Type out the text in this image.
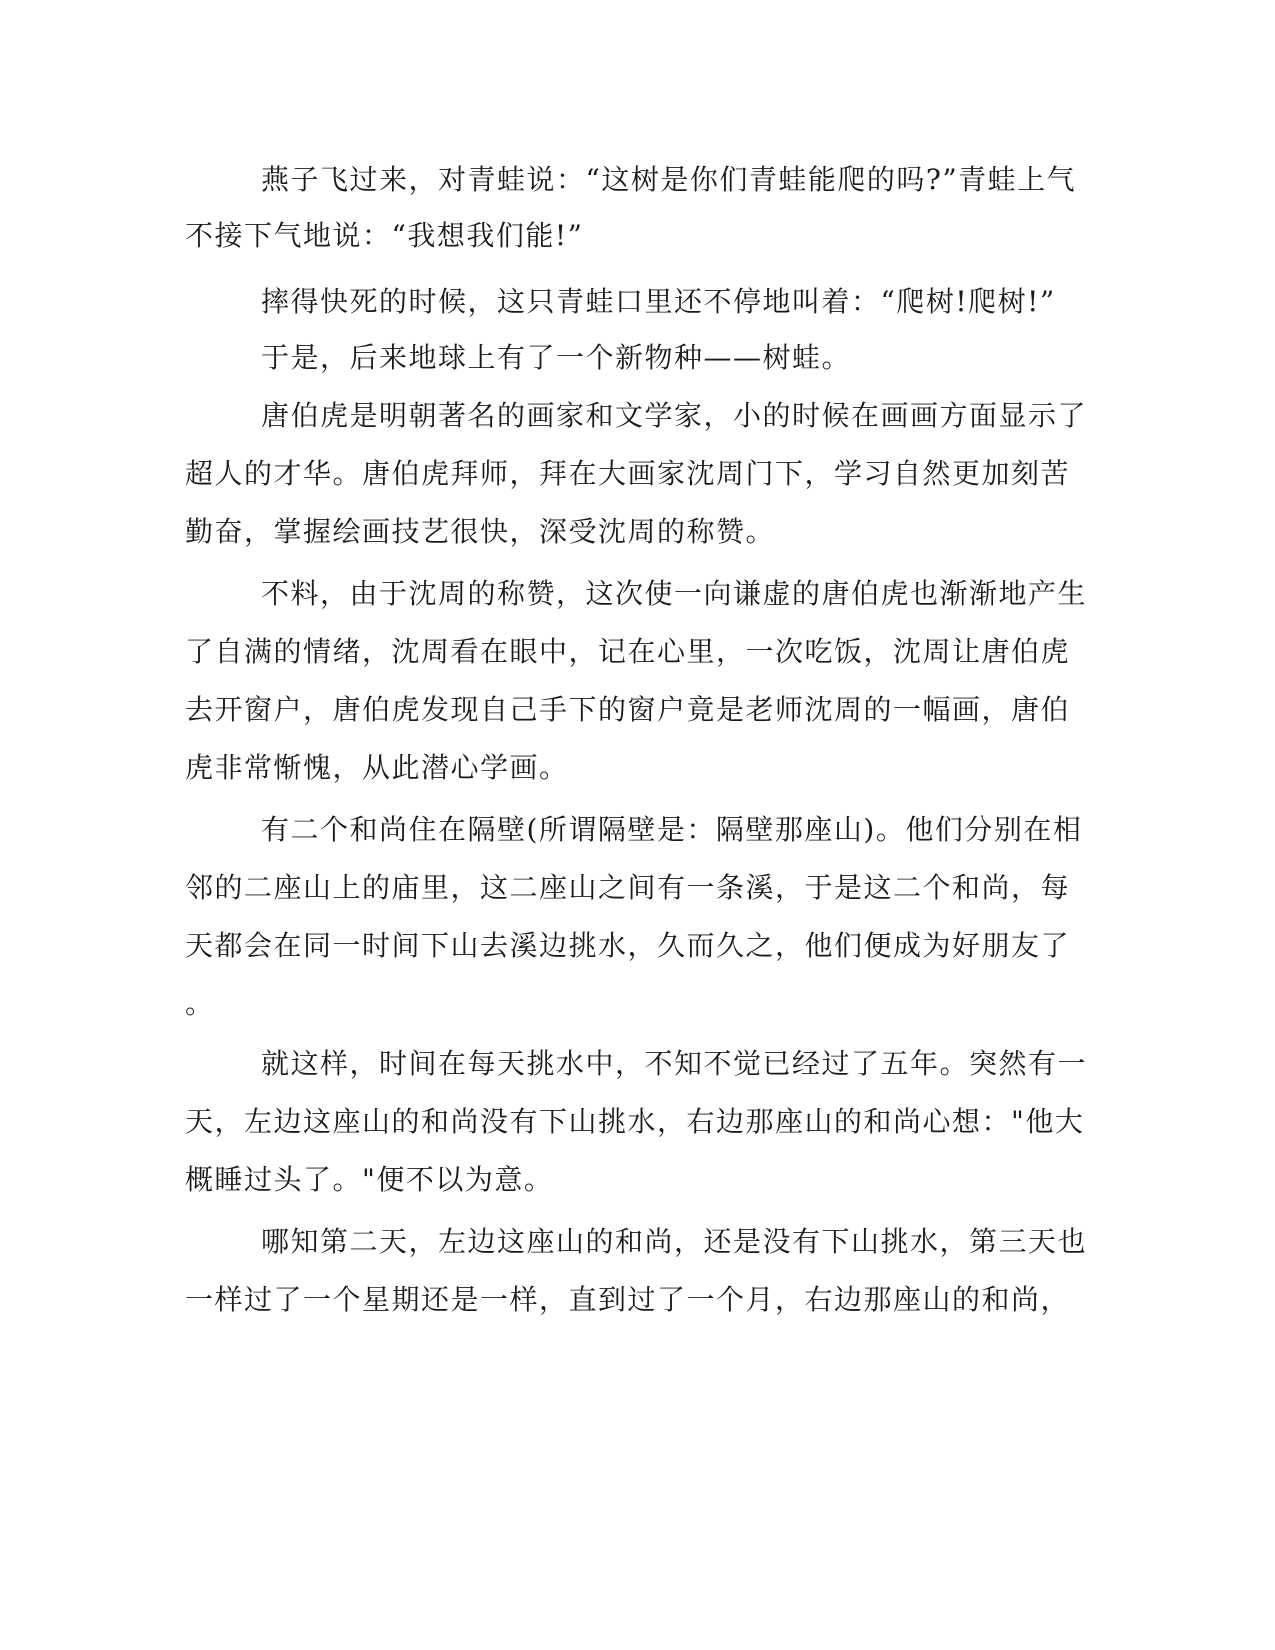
燕子飞过来，对青蛙说：“这树是你们青蛙能爬的吗?”青蛙上气
不接下气地说：“我想我们能!”
摔得快死的时候，这只青蛙口里还不停地叫着：“爬树!爬树!”
于是，后来地球上有了一个新物种——树蛙。
唐伯虎是明朝著名的画家和文学家，小的时候在画画方面显示了
超人的才华。唐伯虎拜师，拜在大画家沈周门下，学习自然更加刻苦
勤奋，掌握绘画技艺很快，深受沈周的称赞。
不料，由于沈周的称赞，这次使一向谦虚的唐伯虎也渐渐地产生
了自满的情绪，沈周看在眼中，记在心里，一次吃饭，沈周让唐伯虎
去开窗户，唐伯虎发现自己手下的窗户竟是老师沈周的一幅画，唐伯
虎非常惭愧，从此潜心学画。
有二个和尚住在隔壁(所谓隔壁是：隔壁那座山)。他们分别在相
邻的二座山上的庙里，这二座山之间有一条溪，于是这二个和尚，每
天都会在同一时间下山去溪边挑水，久而久之，他们便成为好朋友了
。
就这样，时间在每天挑水中，不知不觉已经过了五年。突然有一
天，左边这座山的和尚没有下山挑水，右边那座山的和尚心想："他大
概睡过头了。"便不以为意。
哪知第二天，左边这座山的和尚，还是没有下山挑水，第三天也
一样过了一个星期还是一样，直到过了一个月，右边那座山的和尚，
